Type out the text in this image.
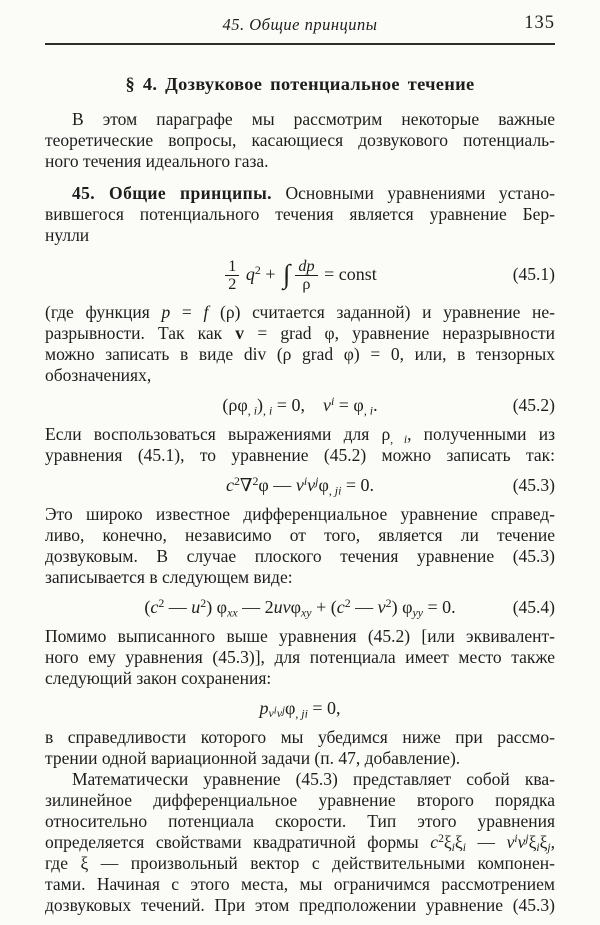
45. Общие принципы	135
§ 4. Дозвуковое потенциальное течение
В этом параграфе мы рассмотрим некоторые важные
теоретические вопросы, касающиеся дозвукового потенциаль-
ного течения идеального газа.
45. Общие принципы. Основными уравнениями устано-
вившегося потенциального течения является уравнение Бер-
нулли
$\frac{1}{2} q^2$ + ∫ $\frac{dp}{\rho}$ = const	(45.1)
(где функция p = f (ρ) считается заданной) и уравнение не-
разрывности. Так как v = grad φ, уравнение неразрывности
можно записать в виде div (ρ grad φ) = 0, или, в тензорных
обозначениях,
$(\rho\varphi_{, i})_{, i} = 0$,    $v^i = \varphi_{, i}$.	(45.2)
Если воспользоваться выражениями для $\rho_{, i}$, полученными из
уравнения (45.1), то уравнение (45.2) можно записать так:
$c^2\nabla^2\varphi$ — $v^iv^j\varphi_{, ji} = 0$.	(45.3)
Это широко известное дифференциальное уравнение справед-
ливо, конечно, независимо от того, является ли течение
дозвуковым. В случае плоского течения уравнение (45.3)
записывается в следующем виде:
($c^2$ — $u^2$) $\varphi_{xx}$ — $2uv\varphi_{xy} + (c^2$ — $v^2$) $\varphi_{yy} = 0$.	(45.4)
Помимо выписанного выше уравнения (45.2) [или эквивалент-
ного ему уравнения (45.3)], для потенциала имеет место также
следующий закон сохранения:
$p_{v^iv^j}\varphi_{, ji} = 0$,
в справедливости которого мы убедимся ниже при рассмо-
трении одной вариационной задачи (п. 47, добавление).
Математически уравнение (45.3) представляет собой ква-
зилинейное дифференциальное уравнение второго порядка
относительно потенциала скорости. Тип этого уравнения
определяется свойствами квадратичной формы $c^2\xi_i\xi_i$ — $v^iv^j\xi_i\xi_j$,
где ξ — произвольный вектор с действительными компонен-
тами. Начиная с этого места, мы ограничимся рассмотрением
дозвуковых течений. При этом предположении уравнение (45.3)
